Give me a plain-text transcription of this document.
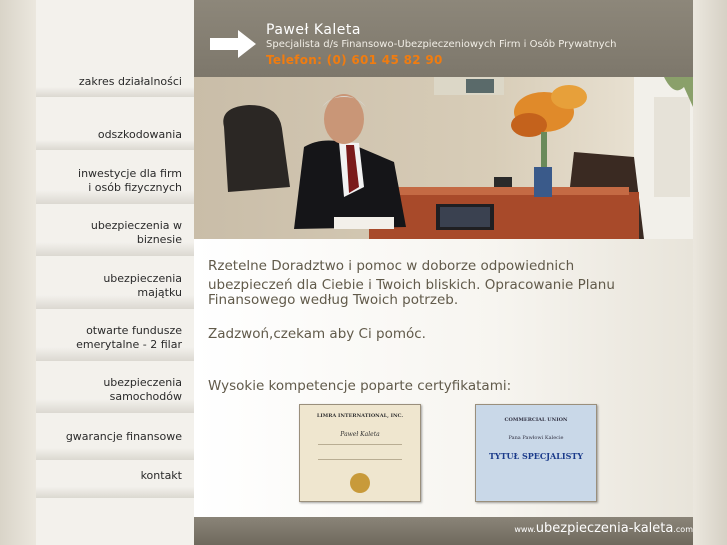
zakres działalności
odszkodowania
inwestycje dla firm
i osób fizycznych
ubezpieczenia w
biznesie
ubezpieczenia
majątku
otwarte fundusze
emerytalne - 2 filar
ubezpieczenia
samochodów
gwarancje finansowe
kontakt
Paweł Kaleta
Specjalista d/s Finansowo-Ubezpieczeniowych Firm i Osób Prywatnych
Telefon: (0) 601 45 82 90
Rzetelne Doradztwo i pomoc w doborze odpowiednich
ubezpieczeń dla Ciebie i Twoich bliskich. Opracowanie Planu
Finansowego według Twoich potrzeb.
Zadzwoń,czekam aby Ci pomóc.
Wysokie kompetencje poparte certyfikatami:
LIMRA INTERNATIONAL, INC.
Paweł Kaleta
COMMERCIAL UNION
Pana Pawłowi Kalecie
TYTUŁ SPECJALISTY
www.ubezpieczenia-kaleta.com
